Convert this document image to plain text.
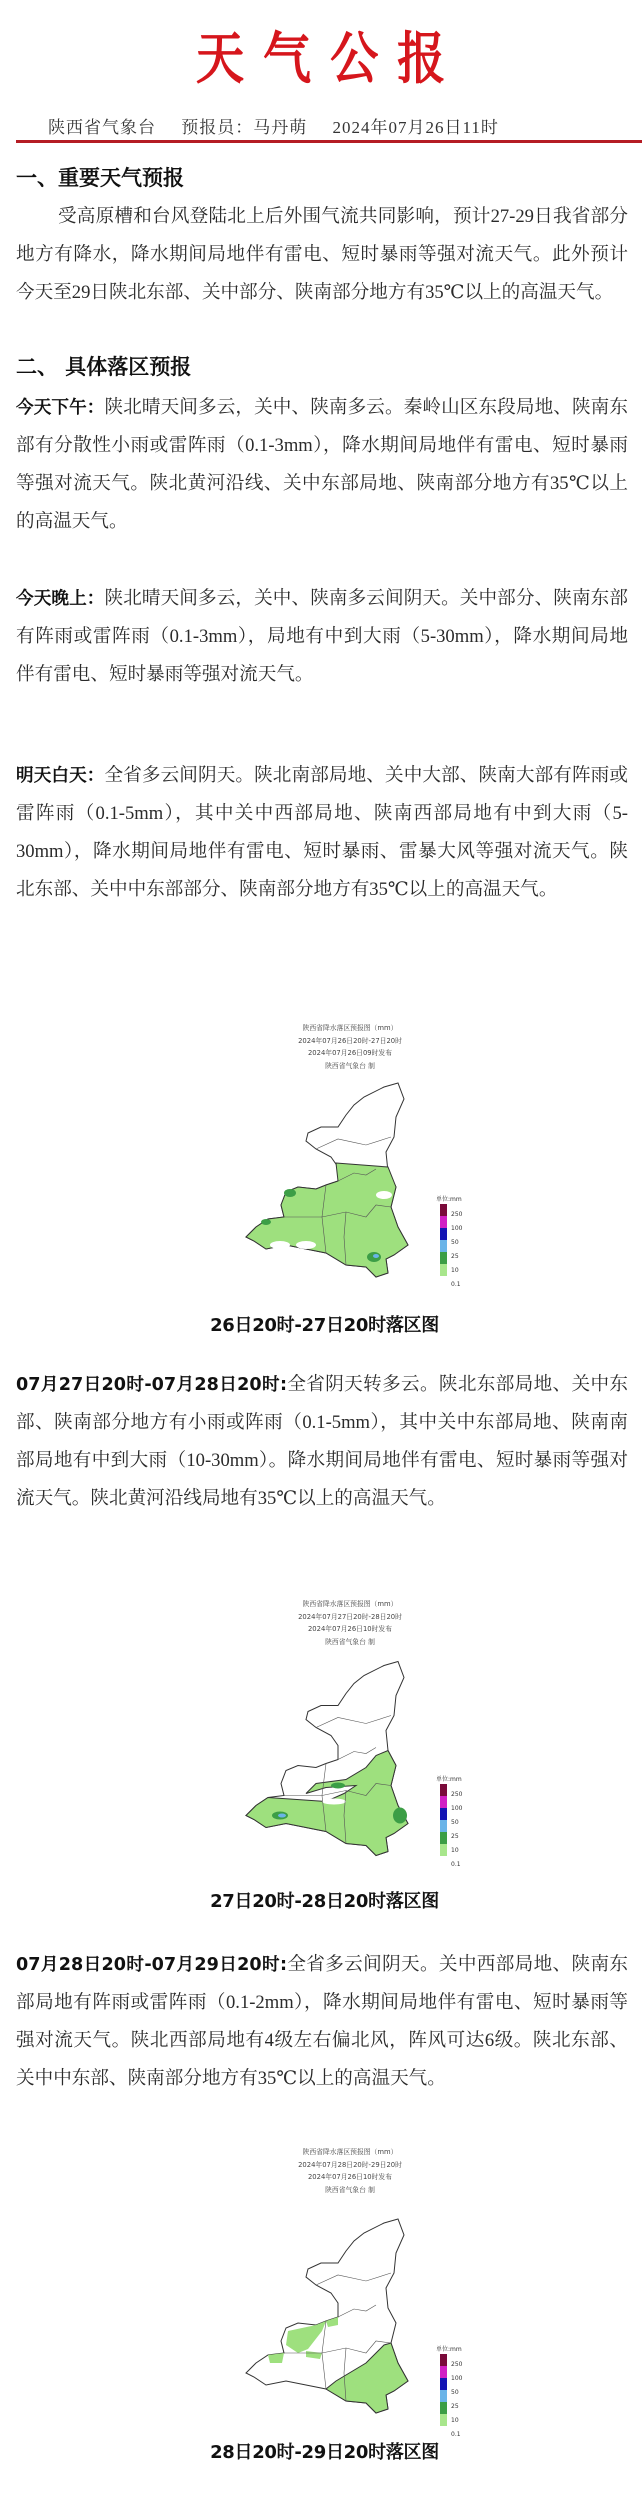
天气公报
陕西省气象台 预报员：马丹萌 2024年07月26日11时
一、重要天气预报

受高原槽和台风登陆北上后外围气流共同影响，预计27-29日我省部分地方有降水，降水期间局地伴有雷电、短时暴雨等强对流天气。此外预计今天至29日陕北东部、关中部分、陕南部分地方有35℃以上的高温天气。

二、 具体落区预报

今天下午：陕北晴天间多云，关中、陕南多云。秦岭山区东段局地、陕南东部有分散性小雨或雷阵雨（0.1-3mm），降水期间局地伴有雷电、短时暴雨等强对流天气。陕北黄河沿线、关中东部局地、陕南部分地方有35℃以上的高温天气。

今天晚上：陕北晴天间多云，关中、陕南多云间阴天。关中部分、陕南东部有阵雨或雷阵雨（0.1-3mm），局地有中到大雨（5-30mm），降水期间局地伴有雷电、短时暴雨等强对流天气。

明天白天：全省多云间阴天。陕北南部局地、关中大部、陕南大部有阵雨或雷阵雨（0.1-5mm），其中关中西部局地、陕南西部局地有中到大雨（5-30mm），降水期间局地伴有雷电、短时暴雨、雷暴大风等强对流天气。陕北东部、关中中东部部分、陕南部分地方有35℃以上的高温天气。

陕西省降水落区预报图（mm）
2024年07月26日20时-27日20时
2024年07月26日09时发布
陕西省气象台 制
单位:mm
250
100
50
25
10
0.1
26日20时-27日20时落区图

07月27日20时-07月28日20时:全省阴天转多云。陕北东部局地、关中东部、陕南部分地方有小雨或阵雨（0.1-5mm），其中关中东部局地、陕南南部局地有中到大雨（10-30mm）。降水期间局地伴有雷电、短时暴雨等强对流天气。陕北黄河沿线局地有35℃以上的高温天气。

陕西省降水落区预报图（mm）
2024年07月27日20时-28日20时
2024年07月26日10时发布
陕西省气象台 制
单位:mm
250
100
50
25
10
0.1
27日20时-28日20时落区图

07月28日20时-07月29日20时:全省多云间阴天。关中西部局地、陕南东部局地有阵雨或雷阵雨（0.1-2mm），降水期间局地伴有雷电、短时暴雨等强对流天气。陕北西部局地有4级左右偏北风，阵风可达6级。陕北东部、关中中东部、陕南部分地方有35℃以上的高温天气。

陕西省降水落区预报图（mm）
2024年07月28日20时-29日20时
2024年07月26日10时发布
陕西省气象台 制
单位:mm
250
100
50
25
10
0.1
28日20时-29日20时落区图
